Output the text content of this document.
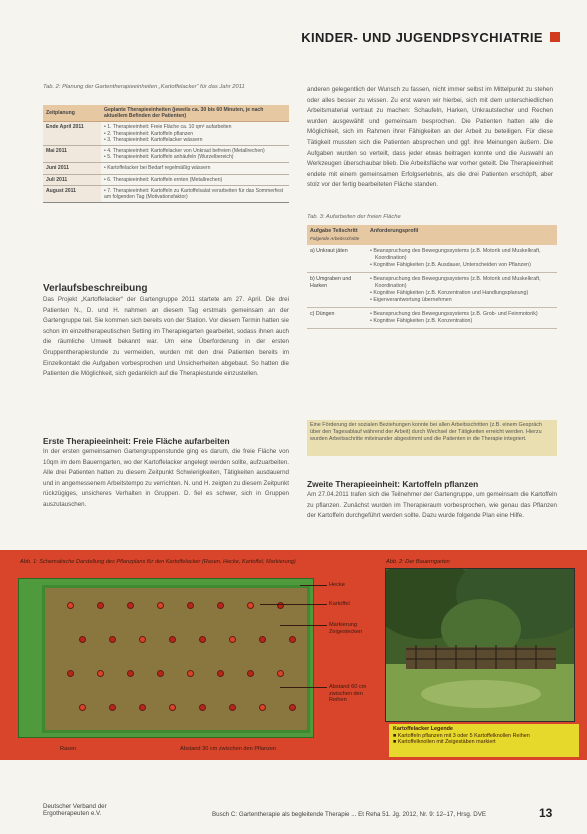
KINDER- UND JUGENDPSYCHIATRIE
Tab. 2: Planung der Gartentherapieeinheiten „Kartoffelacker“ für das Jahr 2011
Zeitplanung	Geplante Therapieeinheiten (jeweils ca. 30 bis 60 Minuten, je nach aktuellem Befinden der Patienten)
Ende April 2011	• 1. Therapieeinheit: Freie Fläche ca. 10 qm² aufarbeiten
• 2. Therapieeinheit: Kartoffeln pflanzen
• 3. Therapieeinheit: Kartoffelacker wässern

Mai 2011	• 4. Therapieeinheit: Kartoffelacker von Unkraut befreien (Metallrechen)
• 5. Therapieeinheit: Kartoffeln anhäufeln (Wurzelbereich)

Juni 2011	• Kartoffelacker bei Bedarf regelmäßig wässern

Juli 2011	• 6. Therapieeinheit: Kartoffeln ernten (Metallrechen)

August 2011	• 7. Therapieeinheit: Kartoffeln zu Kartoffelsalat verarbeiten für das Sommerfest am folgenden Tag (Motivationsfaktor)
Verlaufsbeschreibung
Das Projekt „Kartoffelacker“ der Gartengruppe 2011 startete am 27. April. Die drei Patienten N., D. und H. nahmen an diesem Tag erstmals gemeinsam an der Gartengruppe teil. Sie kommen sich bereits von der Station. Vor diesem Termin hatten sie schon im einzeltherapeutischen Setting im Therapiegarten gearbeitet, sodass ihnen auch die räumliche Umwelt bekannt war. Um eine Überforderung in der ersten Gruppentherapiestunde zu vermeiden, wurden mit den drei Patienten bereits im Einzelkontakt die Aufgaben vorbesprochen und Unsicherheiten abgebaut. So hatten die Patienten die Möglichkeit, sich gedanklich auf die Therapiestunde einzustellen.
Erste Therapieeinheit: Freie Fläche aufarbeiten
In der ersten gemeinsamen Gartengruppenstunde ging es darum, die freie Fläche von 10qm im dem Bauerngarten, wo der Kartoffelacker angelegt werden sollte, aufzuarbeiten. Alle drei Patienten hatten zu diesem Zeitpunkt Schwierigkeiten, Tätigkeiten ausdauernd und in angemessenem Arbeitstempo zu verrichten. N. und H. zeigten zu diesem Zeitpunkt rückzügiges, unsicheres Verhalten in Gruppen. D. fiel es schwer, sich in Gruppen auszutauschen.
anderen gelegentlich der Wunsch zu fassen, nicht immer selbst im Mittelpunkt zu stehen oder alles besser zu wissen. Zu erst waren wir hierbei, sich mit dem unterschiedlichen Arbeitsmaterial vertraut zu machen: Schaufeln, Harken, Unkrautstecher und Rechen wurden ausgewählt und gemeinsam besprochen. Die Patienten hatten alle die Möglichkeit, sich im Rahmen ihrer Fähigkeiten an der Arbeit zu beteiligen. Für diese Tätigkeit mussten sich die Patienten absprechen und ggf. ihre Meinungen äußern. Die Aufgaben wurden so verteilt, dass jeder etwas beitragen konnte und die Auswahl an Werkzeugen überschaubar blieb. Die Arbeitsfläche war vorher geteilt. Die Therapieeinheit endete mit einem gemeinsamen Erfolgserlebnis, als die drei Patienten erschöpft, aber stolz vor der fertig bearbeiteten Fläche standen.
Tab. 3: Aufarbeiten der freien Fläche
Aufgabe Teilschritt
Folgende Arbeitsschritte	Anforderungsprofil
a) Unkraut jäten	• Beanspruchung des Bewegungssystems (z.B. Motorik und Muskelkraft, Koordination)
• Kognitive Fähigkeiten (z.B. Ausdauer, Unterscheiden von Pflanzen)

b) Umgraben und Harken	• Beanspruchung des Bewegungssystems (z.B. Motorik und Muskelkraft, Koordination)
• Kognitive Fähigkeiten (z.B. Konzentration und Handlungsplanung)
• Eigenverantwortung übernehmen

c) Düngen	• Beanspruchung des Bewegungssystems (z.B. Grob- und Feinmotorik)
• Kognitive Fähigkeiten (z.B. Konzentration)
Eine Förderung der sozialen Beziehungen konnte bei allen Arbeitsschritten (z.B. einem Gespräch über den Tagesablauf während der Arbeit) durch Wechsel der Tätigkeiten erreicht werden. Hierzu wurden Arbeitsschritte miteinander abgestimmt und die Patienten in die Therapie integriert.
Zweite Therapieeinheit: Kartoffeln pflanzen
Am 27.04.2011 trafen sich die Teilnehmer der Gartengruppe, um gemeinsam die Kartoffeln zu pflanzen. Zunächst wurden im Therapieraum vorbesprochen, wie genau das Pflanzen der Kartoffeln durchgeführt werden sollte. Dazu wurde folgende Plan eine Hilfe.
Abb. 1: Schematische Darstellung des Pflanzplans für den Kartoffelacker (Rasen, Hecke, Kartoffel, Markierung)
Hecke
Kartoffel
Markierung Zeigestecken
Abstand 60 cm zwischen den Reihen
Rasen	Abstand 30 cm zwischen den Pflanzen
Abb. 2: Der Bauerngarten
Kartoffelacker Legende
■ Kartoffeln pflanzen mit 3 oder 5 Kartoffelknollen Reihen
■ Kartoffelknollen mit Zeigestäben markiert
Deutscher Verband der
Ergotherapeuten e.V.	Busch C: Gartentherapie als begleitende Therapie ... Et Reha 51. Jg. 2012, Nr. 9: 12–17, Hrsg. DVE	13
